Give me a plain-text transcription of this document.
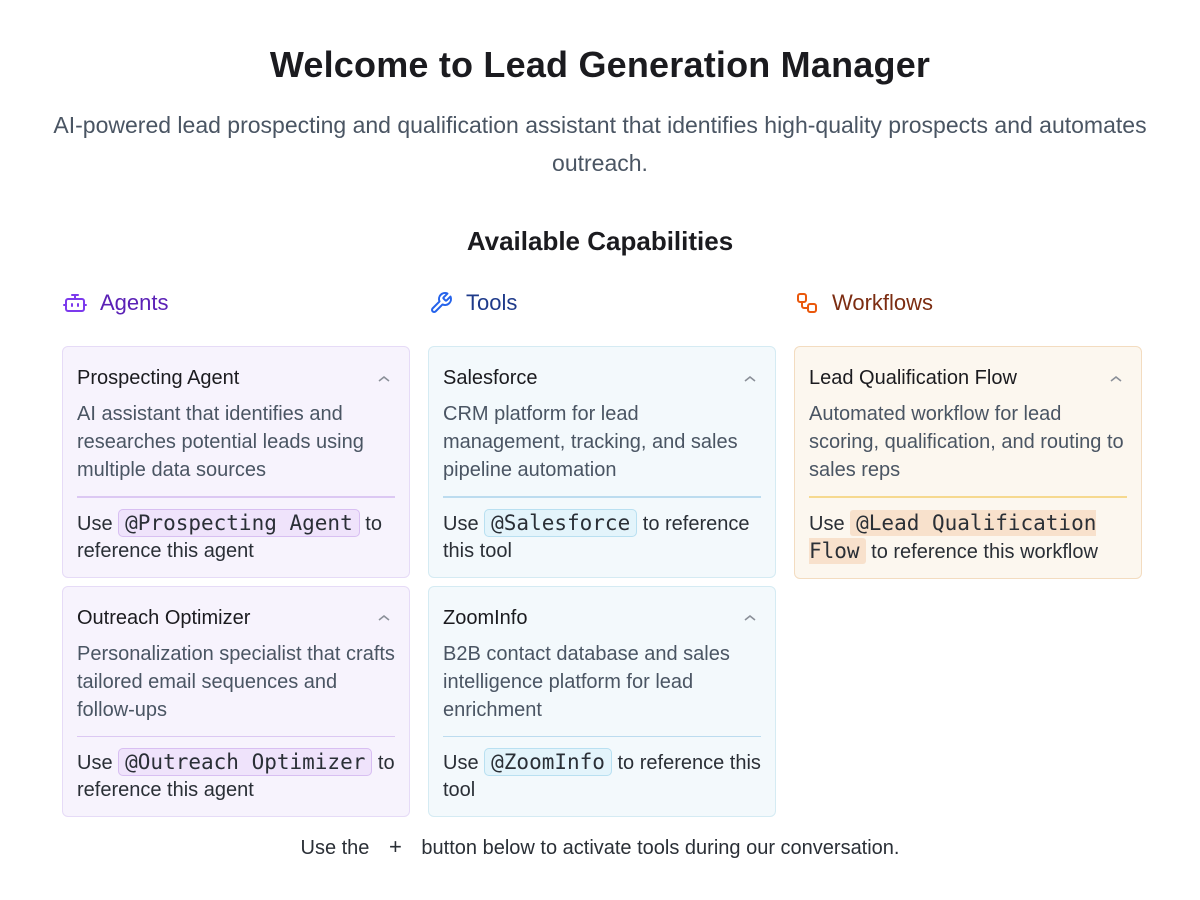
Welcome to Lead Generation Manager

AI-powered lead prospecting and qualification assistant that identifies high-quality prospects and automates outreach.

Available Capabilities
Agents
Prospecting Agent
AI assistant that identifies and researches potential leads using multiple data sources
Use @Prospecting Agent to reference this agent
Outreach Optimizer
Personalization specialist that crafts tailored email sequences and follow-ups
Use @Outreach Optimizer to reference this agent
Tools
Salesforce
CRM platform for lead management, tracking, and sales pipeline automation
Use @Salesforce to reference this tool
ZoomInfo
B2B contact database and sales intelligence platform for lead enrichment
Use @ZoomInfo to reference this tool
Workflows
Lead Qualification Flow
Automated workflow for lead scoring, qualification, and routing to sales reps
Use @Lead Qualification Flow to reference this workflow

Use the + button below to activate tools during our conversation.
